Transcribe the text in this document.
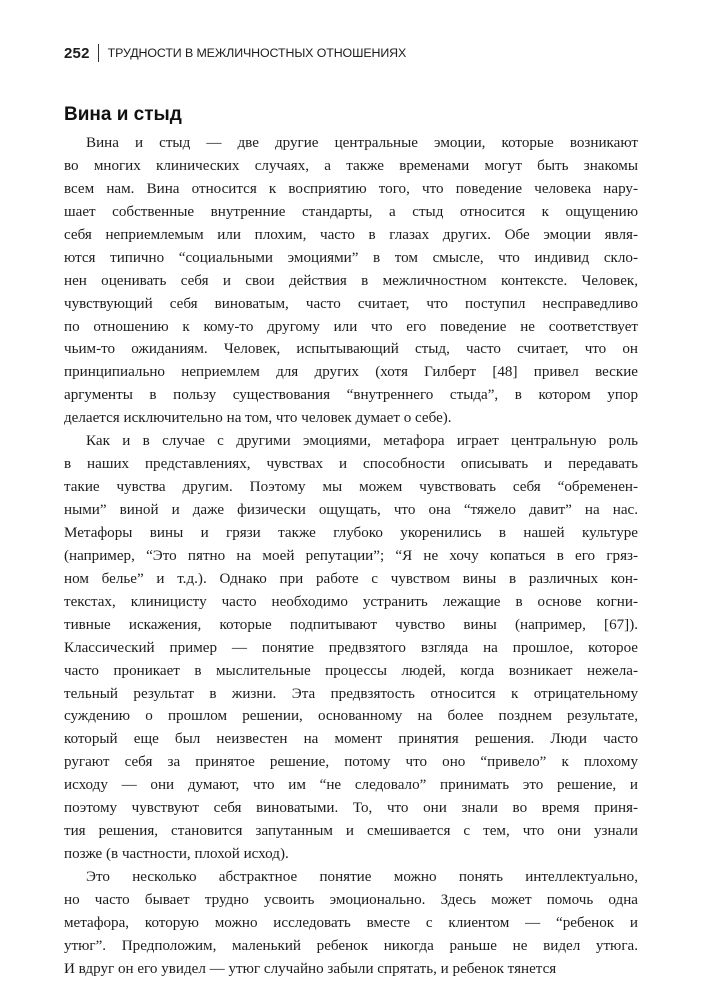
252 ТРУДНОСТИ В МЕЖЛИЧНОСТНЫХ ОТНОШЕНИЯХ
Вина и стыд
Вина и стыд — две другие центральные эмоции, которые возникают
во многих клинических случаях, а также временами могут быть знакомы
всем нам. Вина относится к восприятию того, что поведение человека нару-
шает собственные внутренние стандарты, а стыд относится к ощущению
себя неприемлемым или плохим, часто в глазах других. Обе эмоции явля-
ются типично “социальными эмоциями” в том смысле, что индивид скло-
нен оценивать себя и свои действия в межличностном контексте. Человек,
чувствующий себя виноватым, часто считает, что поступил несправедливо
по отношению к кому-то другому или что его поведение не соответствует
чьим-то ожиданиям. Человек, испытывающий стыд, часто считает, что он
принципиально неприемлем для других (хотя Гилберт [48] привел веские
аргументы в пользу существования “внутреннего стыда”, в котором упор
делается исключительно на том, что человек думает о себе).
Как и в случае с другими эмоциями, метафора играет центральную роль
в наших представлениях, чувствах и способности описывать и передавать
такие чувства другим. Поэтому мы можем чувствовать себя “обременен-
ными” виной и даже физически ощущать, что она “тяжело давит” на нас.
Метафоры вины и грязи также глубоко укоренились в нашей культуре
(например, “Это пятно на моей репутации”; “Я не хочу копаться в его гряз-
ном белье” и т.д.). Однако при работе с чувством вины в различных кон-
текстах, клиницисту часто необходимо устранить лежащие в основе когни-
тивные искажения, которые подпитывают чувство вины (например, [67]).
Классический пример — понятие предвзятого взгляда на прошлое, которое
часто проникает в мыслительные процессы людей, когда возникает нежела-
тельный результат в жизни. Эта предвзятость относится к отрицательному
суждению о прошлом решении, основанному на более позднем результате,
который еще был неизвестен на момент принятия решения. Люди часто
ругают себя за принятое решение, потому что оно “привело” к плохому
исходу — они думают, что им “не следовало” принимать это решение, и
поэтому чувствуют себя виноватыми. То, что они знали во время приня-
тия решения, становится запутанным и смешивается с тем, что они узнали
позже (в частности, плохой исход).
Это несколько абстрактное понятие можно понять интеллектуально,
но часто бывает трудно усвоить эмоционально. Здесь может помочь одна
метафора, которую можно исследовать вместе с клиентом — “ребенок и
утюг”. Предположим, маленький ребенок никогда раньше не видел утюга.
И вдруг он его увидел — утюг случайно забыли спрятать, и ребенок тянется
